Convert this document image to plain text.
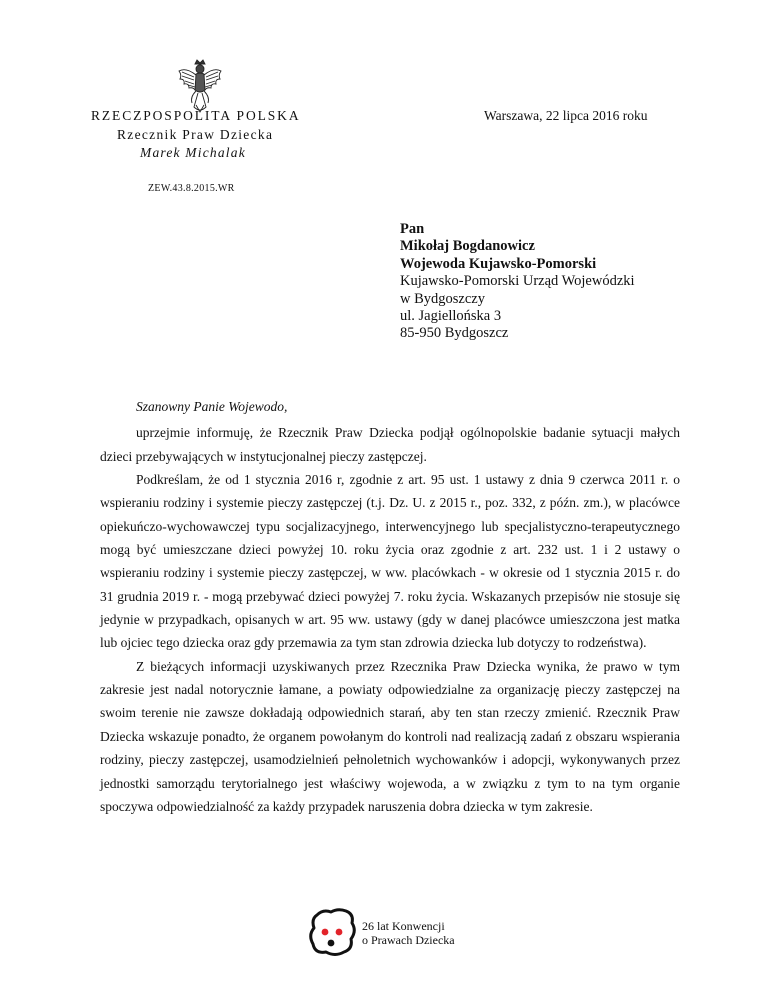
RZECZPOSPOLITA POLSKA
Rzecznik Praw Dziecka
Marek Michalak
ZEW.43.8.2015.WR
Warszawa, 22 lipca 2016 roku
Pan
Mikołaj Bogdanowicz
Wojewoda Kujawsko-Pomorski
Kujawsko-Pomorski Urząd Wojewódzki
w Bydgoszczy
ul. Jagiellońska 3
85-950 Bydgoszcz

Szanowny Panie Wojewodo,

uprzejmie informuję, że Rzecznik Praw Dziecka podjął ogólnopolskie badanie sytuacji małych dzieci przebywających w instytucjonalnej pieczy zastępczej.

Podkreślam, że od 1 stycznia 2016 r, zgodnie z art. 95 ust. 1 ustawy z dnia 9 czerwca 2011 r. o wspieraniu rodziny i systemie pieczy zastępczej (t.j. Dz. U. z 2015 r., poz. 332, z późn. zm.), w placówce opiekuńczo-wychowawczej typu socjalizacyjnego, interwencyjnego lub specjalistyczno-terapeutycznego mogą być umieszczane dzieci powyżej 10. roku życia oraz zgodnie z art. 232 ust. 1 i 2 ustawy o wspieraniu rodziny i systemie pieczy zastępczej, w ww. placówkach - w okresie od 1 stycznia 2015 r. do 31 grudnia 2019 r. - mogą przebywać dzieci powyżej 7. roku życia. Wskazanych przepisów nie stosuje się jedynie w przypadkach, opisanych w art. 95 ww. ustawy (gdy w danej placówce umieszczona jest matka lub ojciec tego dziecka oraz gdy przemawia za tym stan zdrowia dziecka lub dotyczy to rodzeństwa).

Z bieżących informacji uzyskiwanych przez Rzecznika Praw Dziecka wynika, że prawo w tym zakresie jest nadal notorycznie łamane, a powiaty odpowiedzialne za organizację pieczy zastępczej na swoim terenie nie zawsze dokładają odpowiednich starań, aby ten stan rzeczy zmienić. Rzecznik Praw Dziecka wskazuje ponadto, że organem powołanym do kontroli nad realizacją zadań z obszaru wspierania rodziny, pieczy zastępczej, usamodzielnień pełnoletnich wychowanków i adopcji, wykonywanych przez jednostki samorządu terytorialnego jest właściwy wojewoda, a w związku z tym to na tym organie spoczywa odpowiedzialność za każdy przypadek naruszenia dobra dziecka w tym zakresie.

26 lat Konwencji
o Prawach Dziecka
